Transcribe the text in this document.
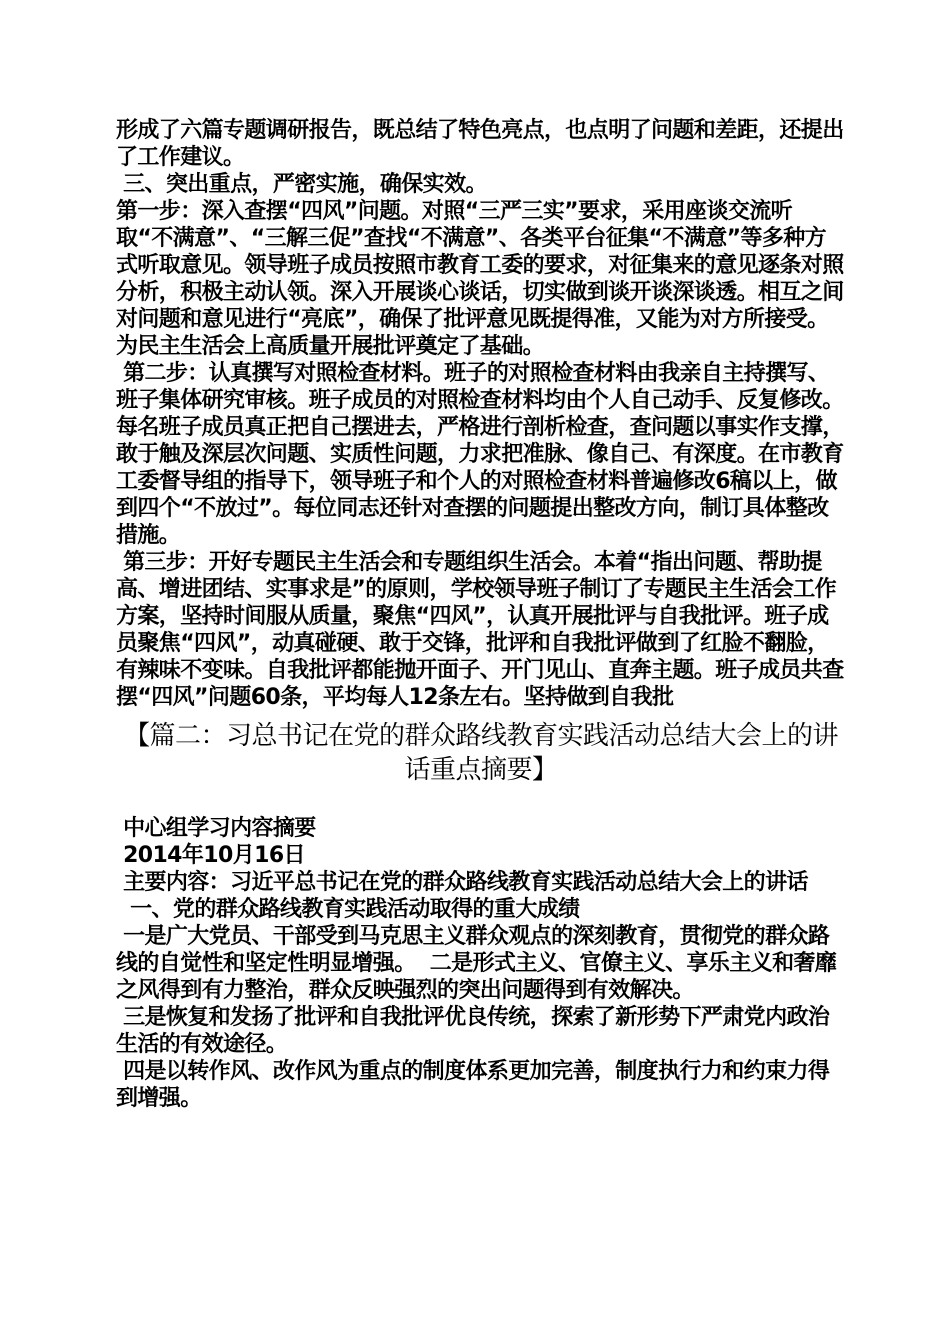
形成了六篇专题调研报告，既总结了特色亮点，也点明了问题和差距，还提出了工作建议。

三、突出重点，严密实施，确保实效。

第一步：深入查摆“四风”问题。对照“三严三实”要求，采用座谈交流听取“不满意”、“三解三促”查找“不满意”、各类平台征集“不满意”等多种方式听取意见。领导班子成员按照市教育工委的要求，对征集来的意见逐条对照分析，积极主动认领。深入开展谈心谈话，切实做到谈开谈深谈透。相互之间对问题和意见进行“亮底”，确保了批评意见既提得准，又能为对方所接受。为民主生活会上高质量开展批评奠定了基础。

第二步：认真撰写对照检查材料。班子的对照检查材料由我亲自主持撰写、班子集体研究审核。班子成员的对照检查材料均由个人自己动手、反复修改。每名班子成员真正把自己摆进去，严格进行剖析检查，查问题以事实作支撑，敢于触及深层次问题、实质性问题，力求把准脉、像自己、有深度。在市教育工委督导组的指导下，领导班子和个人的对照检查材料普遍修改6稿以上，做到四个“不放过”。每位同志还针对查摆的问题提出整改方向，制订具体整改措施。

第三步：开好专题民主生活会和专题组织生活会。本着“指出问题、帮助提高、增进团结、实事求是”的原则，学校领导班子制订了专题民主生活会工作方案，坚持时间服从质量，聚焦“四风”，认真开展批评与自我批评。班子成员聚焦“四风”，动真碰硬、敢于交锋，批评和自我批评做到了红脸不翻脸，有辣味不变味。自我批评都能抛开面子、开门见山、直奔主题。班子成员共查摆“四风”问题60条，平均每人12条左右。坚持做到自我批

【篇二：习总书记在党的群众路线教育实践活动总结大会上的讲话重点摘要】

中心组学习内容摘要

2014年10月16日

主要内容：习近平总书记在党的群众路线教育实践活动总结大会上的讲话

一、党的群众路线教育实践活动取得的重大成绩

一是广大党员、干部受到马克思主义群众观点的深刻教育，贯彻党的群众路线的自觉性和坚定性明显增强。  二是形式主义、官僚主义、享乐主义和奢靡之风得到有力整治，群众反映强烈的突出问题得到有效解决。

三是恢复和发扬了批评和自我批评优良传统，探索了新形势下严肃党内政治生活的有效途径。

四是以转作风、改作风为重点的制度体系更加完善，制度执行力和约束力得到增强。
